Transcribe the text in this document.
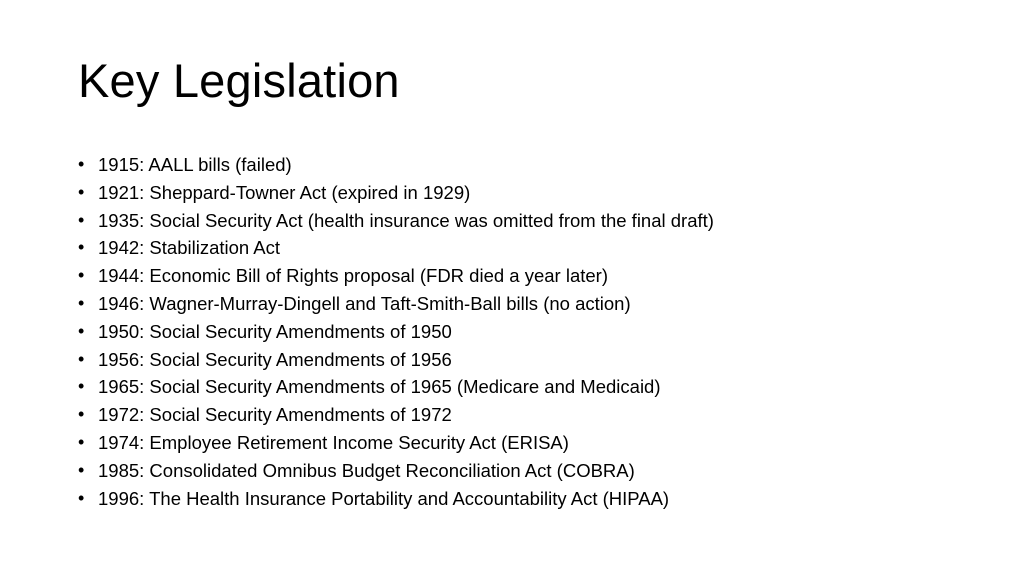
Key Legislation
• 1915: AALL bills (failed)
• 1921: Sheppard-Towner Act (expired in 1929)
• 1935: Social Security Act (health insurance was omitted from the final draft)
• 1942: Stabilization Act
• 1944: Economic Bill of Rights proposal (FDR died a year later)
• 1946: Wagner-Murray-Dingell and Taft-Smith-Ball bills (no action)
• 1950: Social Security Amendments of 1950
• 1956: Social Security Amendments of 1956
• 1965: Social Security Amendments of 1965 (Medicare and Medicaid)
• 1972: Social Security Amendments of 1972
• 1974: Employee Retirement Income Security Act (ERISA)
• 1985: Consolidated Omnibus Budget Reconciliation Act (COBRA)
• 1996: The Health Insurance Portability and Accountability Act (HIPAA)
